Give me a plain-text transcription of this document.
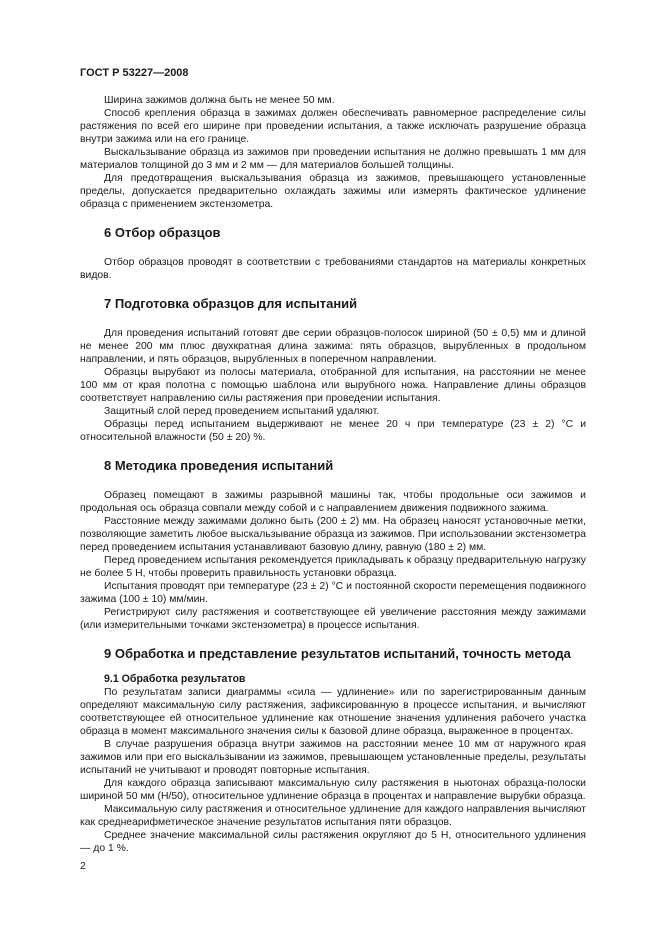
ГОСТ Р 53227—2008

Ширина зажимов должна быть не менее 50 мм.

Способ крепления образца в зажимах должен обеспечивать равномерное распределение силы растяжения по всей его ширине при проведении испытания, а также исключать разрушение образца внутри зажима или на его границе.

Выскальзывание образца из зажимов при проведении испытания не должно превышать 1 мм для материалов толщиной до 3 мм и 2 мм — для материалов большей толщины.

Для предотвращения выскальзывания образца из зажимов, превышающего установленные пределы, допускается предварительно охлаждать зажимы или измерять фактическое удлинение образца с применением экстензометра.

6 Отбор образцов

Отбор образцов проводят в соответствии с требованиями стандартов на материалы конкретных видов.

7 Подготовка образцов для испытаний

Для проведения испытаний готовят две серии образцов-полосок шириной (50 ± 0,5) мм и длиной не менее 200 мм плюс двухкратная длина зажима: пять образцов, вырубленных в продольном направлении, и пять образцов, вырубленных в поперечном направлении.

Образцы вырубают из полосы материала, отобранной для испытания, на расстоянии не менее 100 мм от края полотна с помощью шаблона или вырубного ножа. Направление длины образцов соответствует направлению силы растяжения при проведении испытания.

Защитный слой перед проведением испытаний удаляют.

Образцы перед испытанием выдерживают не менее 20 ч при температуре (23 ± 2) °С и относительной влажности (50 ± 20) %.

8 Методика проведения испытаний

Образец помещают в зажимы разрывной машины так, чтобы продольные оси зажимов и продольная ось образца совпали между собой и с направлением движения подвижного зажима.

Расстояние между зажимами должно быть (200 ± 2) мм. На образец наносят установочные метки, позволяющие заметить любое выскальзывание образца из зажимов. При использовании экстензометра перед проведением испытания устанавливают базовую длину, равную (180 ± 2) мм.

Перед проведением испытания рекомендуется прикладывать к образцу предварительную нагрузку не более 5 Н, чтобы проверить правильность установки образца.

Испытания проводят при температуре (23 ± 2) °С и постоянной скорости перемещения подвижного зажима (100 ± 10) мм/мин.

Регистрируют силу растяжения и соответствующее ей увеличение расстояния между зажимами (или измерительными точками экстензометра) в процессе испытания.

9 Обработка и представление результатов испытаний, точность метода
9.1 Обработка результатов

По результатам записи диаграммы «сила — удлинение» или по зарегистрированным данным определяют максимальную силу растяжения, зафиксированную в процессе испытания, и вычисляют соответствующее ей относительное удлинение как отношение значения удлинения рабочего участка образца в момент максимального значения силы к базовой длине образца, выраженное в процентах.

В случае разрушения образца внутри зажимов на расстоянии менее 10 мм от наружного края зажимов или при его выскальзывании из зажимов, превышающем установленные пределы, результаты испытаний не учитывают и проводят повторные испытания.

Для каждого образца записывают максимальную силу растяжения в ньютонах образца-полоски шириной 50 мм (Н/50), относительное удлинение образца в процентах и направление вырубки образца.

Максимальную силу растяжения и относительное удлинение для каждого направления вычисляют как среднеарифметическое значение результатов испытания пяти образцов.

Среднее значение максимальной силы растяжения округляют до 5 Н, относительного удлинения — до 1 %.

2
